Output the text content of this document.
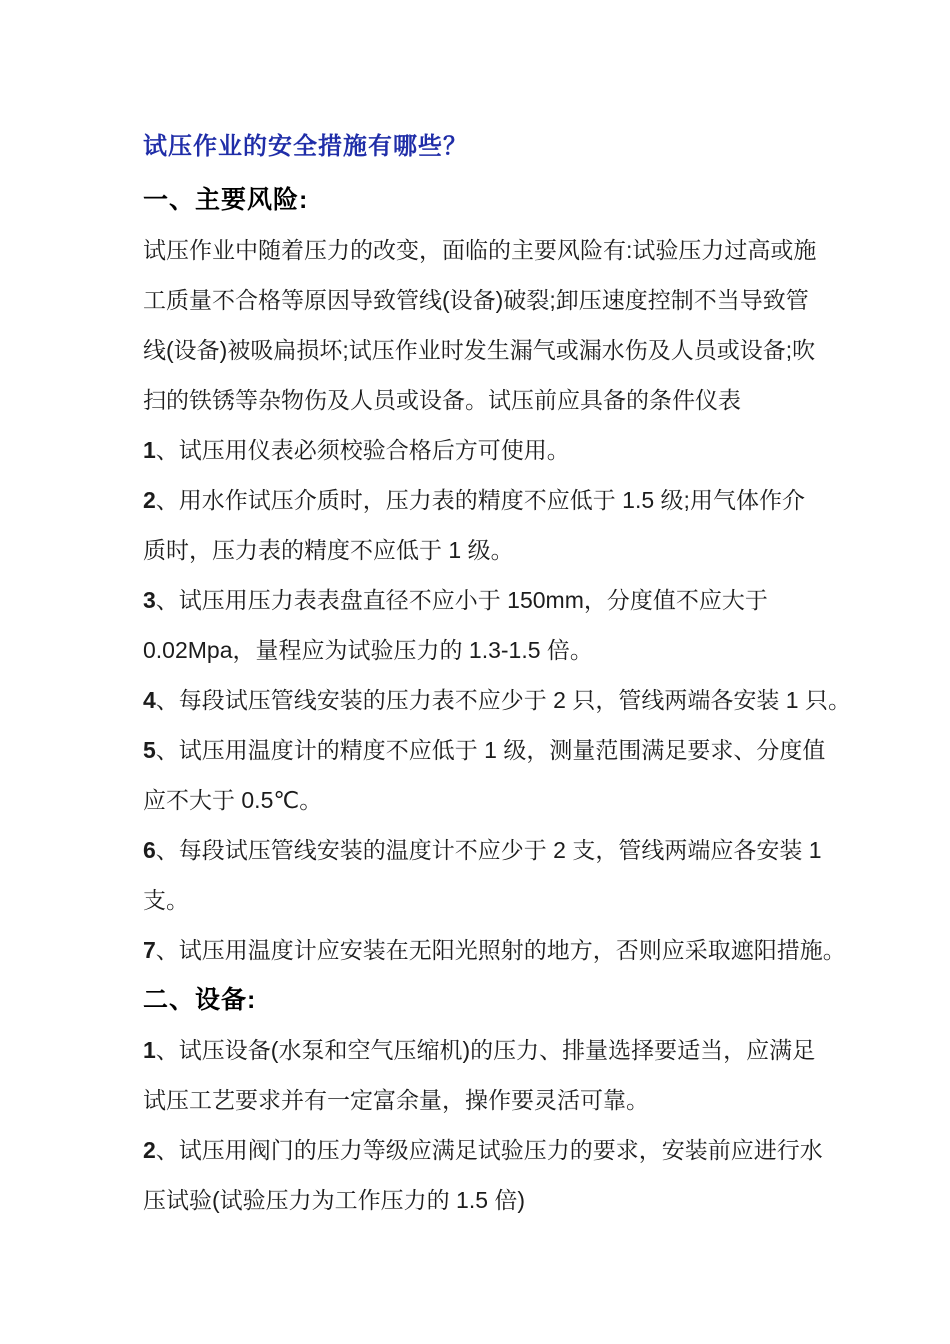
试压作业的安全措施有哪些？
一、主要风险:
试压作业中随着压力的改变，面临的主要风险有:试验压力过高或施
工质量不合格等原因导致管线(设备)破裂;卸压速度控制不当导致管
线(设备)被吸扁损坏;试压作业时发生漏气或漏水伤及人员或设备;吹
扫的铁锈等杂物伤及人员或设备。试压前应具备的条件仪表
1、试压用仪表必须校验合格后方可使用。
2、用水作试压介质时，压力表的精度不应低于 1.5 级;用气体作介
质时，压力表的精度不应低于 1 级。
3、试压用压力表表盘直径不应小于 150mm，分度值不应大于
0.02Mpa，量程应为试验压力的 1.3-1.5 倍。
4、每段试压管线安装的压力表不应少于 2 只，管线两端各安装 1 只。
5、试压用温度计的精度不应低于 1 级，测量范围满足要求、分度值
应不大于 0.5℃。
6、每段试压管线安装的温度计不应少于 2 支，管线两端应各安装 1
支。
7、试压用温度计应安装在无阳光照射的地方，否则应采取遮阳措施。
二、设备:
1、试压设备(水泵和空气压缩机)的压力、排量选择要适当，应满足
试压工艺要求并有一定富余量，操作要灵活可靠。
2、试压用阀门的压力等级应满足试验压力的要求，安装前应进行水
压试验(试验压力为工作压力的 1.5 倍)
